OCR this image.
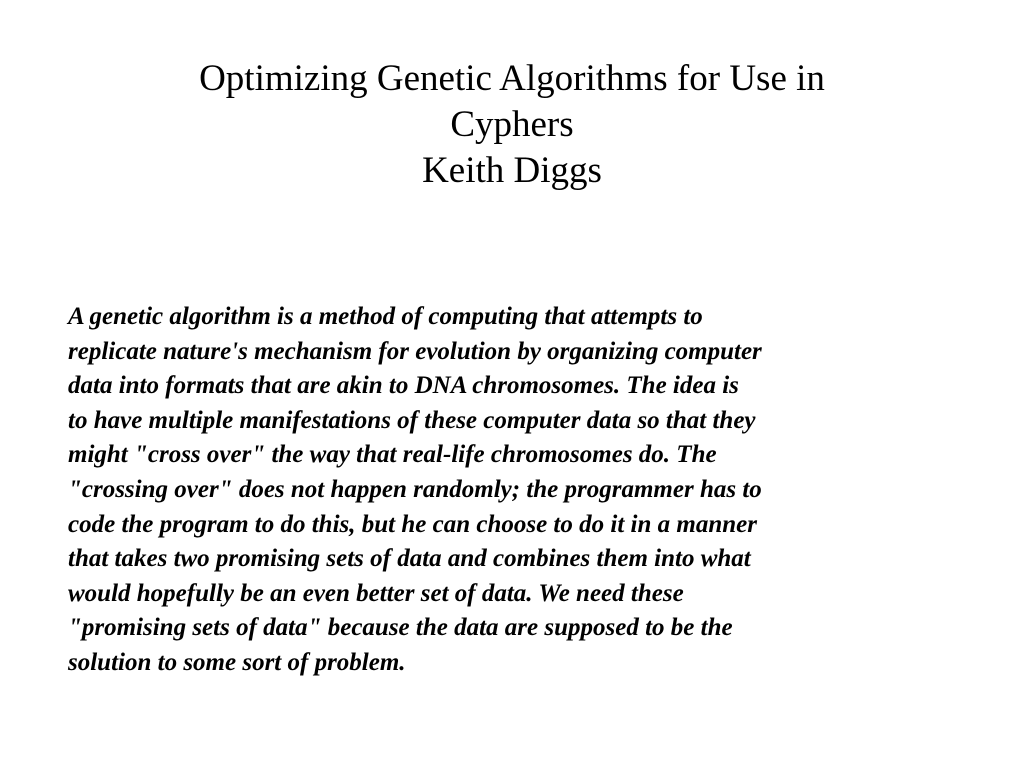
Optimizing Genetic Algorithms for Use in
Cyphers
Keith Diggs
A genetic algorithm is a method of computing that attempts to
replicate nature's mechanism for evolution by organizing computer
data into formats that are akin to DNA chromosomes. The idea is
to have multiple manifestations of these computer data so that they
might "cross over" the way that real-life chromosomes do. The
"crossing over" does not happen randomly; the programmer has to
code the program to do this, but he can choose to do it in a manner
that takes two promising sets of data and combines them into what
would hopefully be an even better set of data. We need these
"promising sets of data" because the data are supposed to be the
solution to some sort of problem.
